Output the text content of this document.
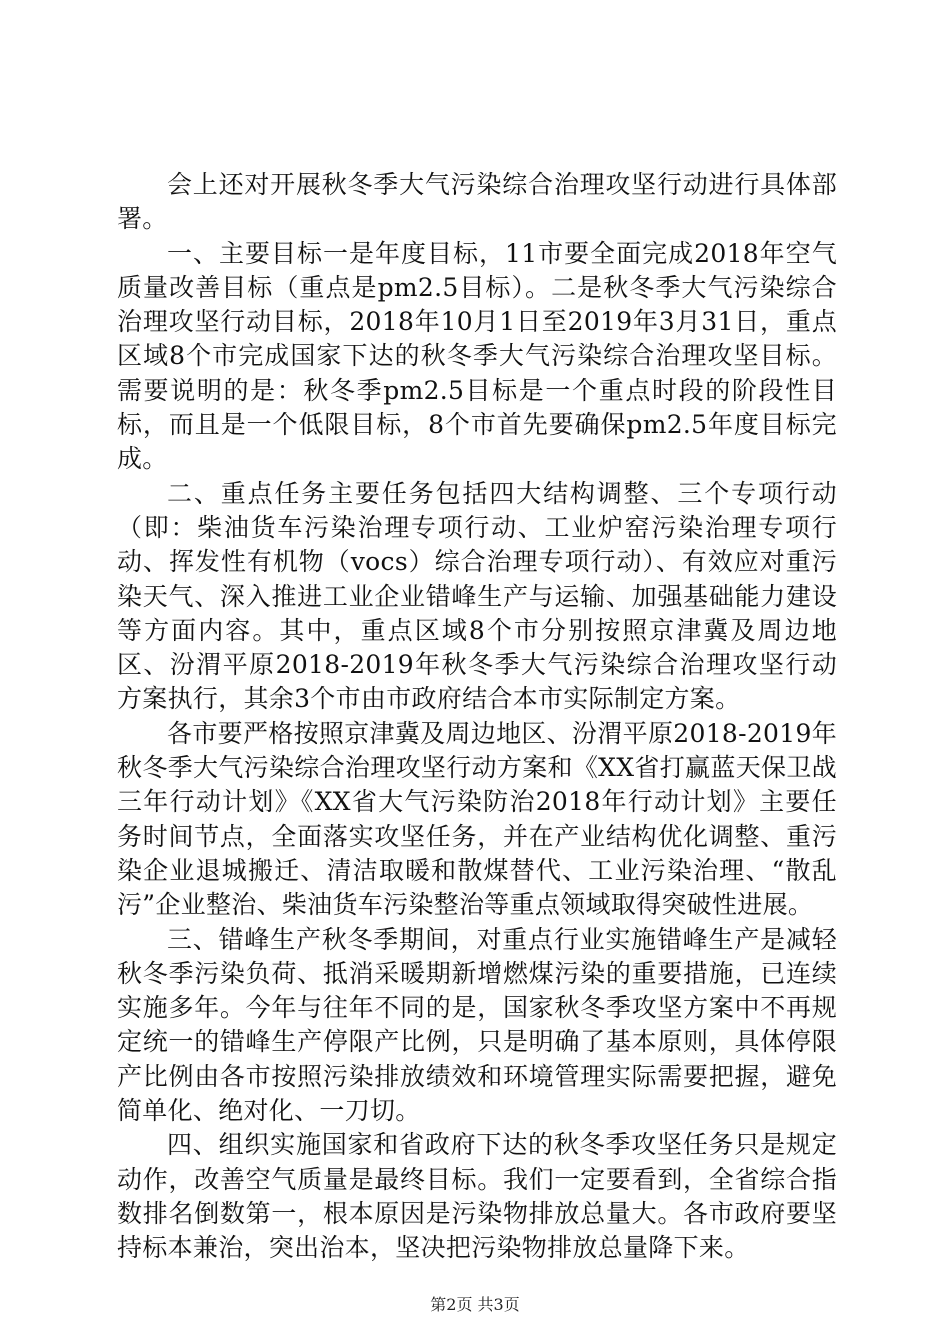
会上还对开展秋冬季大气污染综合治理攻坚行动进行具体部署。

一、主要目标一是年度目标，11市要全面完成2018年空气质量改善目标（重点是pm2.5目标）。二是秋冬季大气污染综合治理攻坚行动目标，2018年10月1日至2019年3月31日，重点区域8个市完成国家下达的秋冬季大气污染综合治理攻坚目标。需要说明的是：秋冬季pm2.5目标是一个重点时段的阶段性目标，而且是一个低限目标，8个市首先要确保pm2.5年度目标完成。

二、重点任务主要任务包括四大结构调整、三个专项行动（即：柴油货车污染治理专项行动、工业炉窑污染治理专项行动、挥发性有机物（vocs）综合治理专项行动）、有效应对重污染天气、深入推进工业企业错峰生产与运输、加强基础能力建设等方面内容。其中，重点区域8个市分别按照京津冀及周边地区、汾渭平原2018-2019年秋冬季大气污染综合治理攻坚行动方案执行，其余3个市由市政府结合本市实际制定方案。

各市要严格按照京津冀及周边地区、汾渭平原2018-2019年秋冬季大气污染综合治理攻坚行动方案和《XX省打赢蓝天保卫战三年行动计划》《XX省大气污染防治2018年行动计划》主要任务时间节点，全面落实攻坚任务，并在产业结构优化调整、重污染企业退城搬迁、清洁取暖和散煤替代、工业污染治理、“散乱污”企业整治、柴油货车污染整治等重点领域取得突破性进展。

三、错峰生产秋冬季期间，对重点行业实施错峰生产是减轻秋冬季污染负荷、抵消采暖期新增燃煤污染的重要措施，已连续实施多年。今年与往年不同的是，国家秋冬季攻坚方案中不再规定统一的错峰生产停限产比例，只是明确了基本原则，具体停限产比例由各市按照污染排放绩效和环境管理实际需要把握，避免简单化、绝对化、一刀切。

四、组织实施国家和省政府下达的秋冬季攻坚任务只是规定动作，改善空气质量是最终目标。我们一定要看到，全省综合指数排名倒数第一，根本原因是污染物排放总量大。各市政府要坚持标本兼治，突出治本，坚决把污染物排放总量降下来。

第2页 共3页
